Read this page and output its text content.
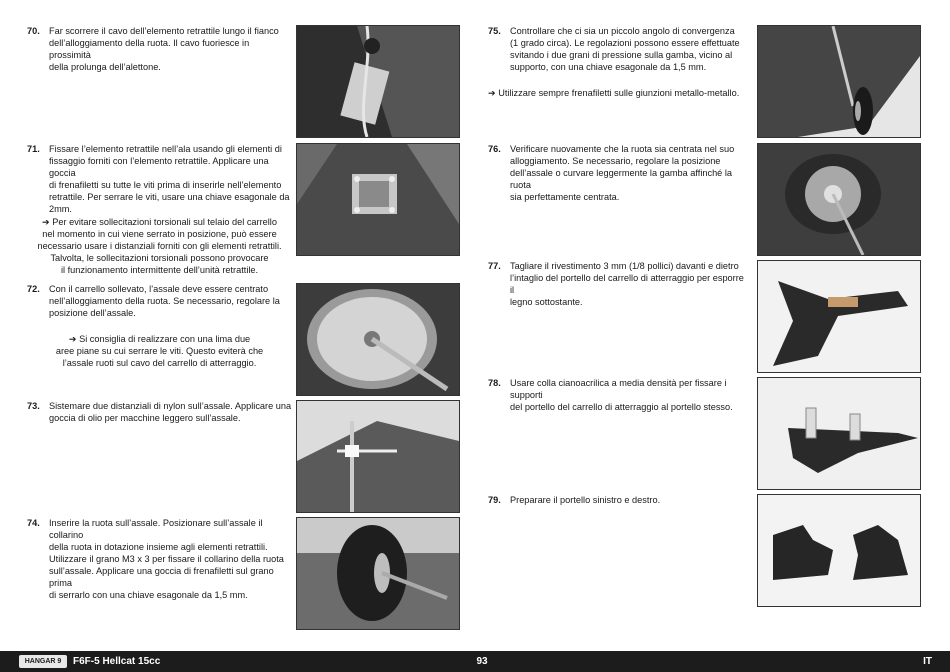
70. Far scorrere il cavo dell’elemento retrattile lungo il fianco
dell’alloggiamento della ruota. Il cavo fuoriesce in prossimità
della prolunga dell’alettone.
71. Fissare l’elemento retrattile nell’ala usando gli elementi di
fissaggio forniti con l’elemento retrattile. Applicare una goccia
di frenafiletti su tutte le viti prima di inserirle nell’elemento
retrattile. Per serrare le viti, usare una chiave esagonale da
2mm.
➔ Per evitare sollecitazioni torsionali sul telaio del carrello
nel momento in cui viene serrato in posizione, può essere
necessario usare i distanziali forniti con gli elementi retrattili.
Talvolta, le sollecitazioni torsionali possono provocare
il funzionamento intermittente dell’unità retrattile.
72. Con il carrello sollevato, l’assale deve essere centrato
nell’alloggiamento della ruota. Se necessario, regolare la
posizione dell’assale.
➔ Si consiglia di realizzare con una lima due
aree piane su cui serrare le viti. Questo eviterà che
l’assale ruoti sul cavo del carrello di atterraggio.
73. Sistemare due distanziali di nylon sull’assale. Applicare una
goccia di olio per macchine leggero sull’assale.
74. Inserire la ruota sull’assale. Posizionare sull’assale il collarino
della ruota in dotazione insieme agli elementi retrattili.
Utilizzare il grano M3 x 3 per fissare il collarino della ruota
sull’assale. Applicare una goccia di frenafiletti sul grano prima
di serrarlo con una chiave esagonale da 1,5 mm.
75. Controllare che ci sia un piccolo angolo di convergenza
(1 grado circa). Le regolazioni possono essere effettuate
svitando i due grani di pressione sulla gamba, vicino al
supporto, con una chiave esagonale da 1,5 mm.
➔ Utilizzare sempre frenafiletti sulle giunzioni metallo-metallo.
76. Verificare nuovamente che la ruota sia centrata nel suo
alloggiamento. Se necessario, regolare la posizione
dell’assale o curvare leggermente la gamba affinché la ruota
sia perfettamente centrata.
77. Tagliare il rivestimento 3 mm (1/8 pollici) davanti e dietro
l’intaglio del portello del carrello di atterraggio per esporre il
legno sottostante.
78. Usare colla cianoacrilica a media densità per fissare i supporti
del portello del carrello di atterraggio al portello stesso.
79. Preparare il portello sinistro e destro.
HANGAR 9	F6F-5 Hellcat 15cc	93	IT
